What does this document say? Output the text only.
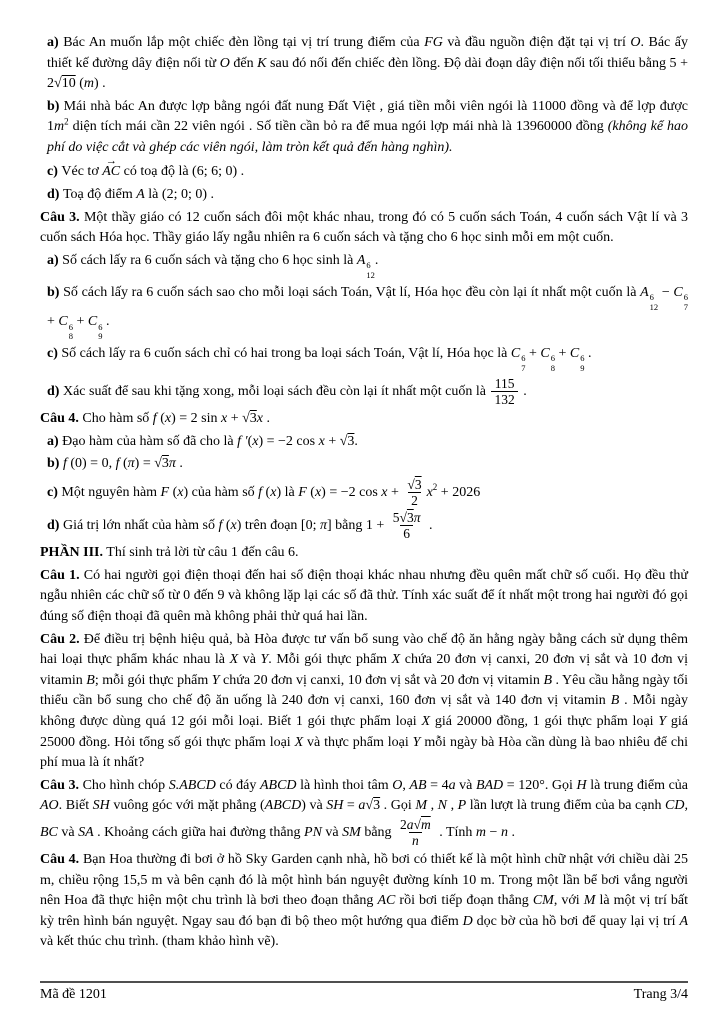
a) Bác An muốn lắp một chiếc đèn lồng tại vị trí trung điểm của FG và đầu nguồn điện đặt tại vị trí O. Bác ấy thiết kế đường dây điện nối từ O đến K sau đó nối đến chiếc đèn lồng. Độ dài đoạn dây điện nối tối thiểu bằng 5 + 2√10 (m) .

b) Mái nhà bác An được lợp bằng ngói đất nung Đất Việt , giá tiền mỗi viên ngói là 11000 đồng và để lợp được $1m^2$ diện tích mái cần 22 viên ngói . Số tiền cần bỏ ra để mua ngói lợp mái nhà là 13960000 đồng (không kể hao phí do việc cắt và ghép các viên ngói, làm tròn kết quả đến hàng nghìn).

c) Véc tơ → AC có toạ độ là (6; 6; 0) .

d) Toạ độ điểm A là (2; 0; 0) .

Câu 3. Một thầy giáo có 12 cuốn sách đôi một khác nhau, trong đó có 5 cuốn sách Toán, 4 cuốn sách Vật lí và 3 cuốn sách Hóa học. Thầy giáo lấy ngẫu nhiên ra 6 cuốn sách và tặng cho 6 học sinh mỗi em một cuốn.

a) Số cách lấy ra 6 cuốn sách và tặng cho 6 học sinh là A 6
12
.

b) Số cách lấy ra 6 cuốn sách sao cho mỗi loại sách Toán, Vật lí, Hóa học đều còn lại ít nhất một cuốn là A 6
12
− C 6
7
+ C 6
8
+ C 6
9
.

c) Số cách lấy ra 6 cuốn sách chỉ có hai trong ba loại sách Toán, Vật lí, Hóa học là C 6
7
+ C 6
8
+ C 6
9
.

d) Xác suất để sau khi tặng xong, mỗi loại sách đều còn lại ít nhất một cuốn là $\frac{115}{132}$ .

Câu 4. Cho hàm số f (x) = 2 sin x + √3x .

a) Đạo hàm của hàm số đã cho là f ′(x) = −2 cos x + √3.

b) f (0) = 0, f (π) = √3π .

c) Một nguyên hàm F (x) của hàm số f (x) là F (x) = −2 $\cos x + \frac{√3}{2} x^2 + 2026$

d) Giá trị lớn nhất của hàm số f (x) trên đoạn [0; π] bằng $1 + \frac{5√3\pi}{6}$ .

PHẦN III. Thí sinh trả lời từ câu 1 đến câu 6.

Câu 1. Có hai người gọi điện thoại đến hai số điện thoại khác nhau nhưng đều quên mất chữ số cuối. Họ đều thử ngẫu nhiên các chữ số từ 0 đến 9 và không lặp lại các số đã thử. Tính xác suất để ít nhất một trong hai người đó gọi đúng số điện thoại đã quên mà không phải thử quá hai lần.

Câu 2. Để điều trị bệnh hiệu quả, bà Hòa được tư vấn bổ sung vào chế độ ăn hằng ngày bằng cách sử dụng thêm hai loại thực phẩm khác nhau là X và Y. Mỗi gói thực phẩm X chứa 20 đơn vị canxi, 20 đơn vị sắt và 10 đơn vị vitamin B; mỗi gói thực phẩm Y chứa 20 đơn vị canxi, 10 đơn vị sắt và 20 đơn vị vitamin B . Yêu cầu hằng ngày tối thiểu cần bổ sung cho chế độ ăn uống là 240 đơn vị canxi, 160 đơn vị sắt và 140 đơn vị vitamin B . Mỗi ngày không được dùng quá 12 gói mỗi loại. Biết 1 gói thực phẩm loại X giá 20000 đồng, 1 gói thực phẩm loại Y giá 25000 đồng. Hỏi tổng số gói thực phẩm loại X và thực phẩm loại Y mỗi ngày bà Hòa cần dùng là bao nhiêu để chi phí mua là ít nhất?

Câu 3. Cho hình chóp S.ABCD có đáy ABCD là hình thoi tâm O, AB = 4a và BAD = 120°. Gọi H là trung điểm của AO. Biết SH vuông góc với mặt phẳng (ABCD) và SH = a√3 . Gọi M , N , P lần lượt là trung điểm của ba cạnh CD, BC và SA . Khoảng cách giữa hai đường thẳng PN và SM bằng $\frac{2a√m}{n}$ . Tính m − n .

Câu 4. Bạn Hoa thường đi bơi ở hồ Sky Garden cạnh nhà, hồ bơi có thiết kế là một hình chữ nhật với chiều dài 25 m, chiều rộng 15,5 m và bên cạnh đó là một hình bán nguyệt đường kính 10 m. Trong một lần bể bơi vắng người nên Hoa đã thực hiện một chu trình là bơi theo đoạn thẳng AC rồi bơi tiếp đoạn thẳng CM, với M là một vị trí bất kỳ trên hình bán nguyệt. Ngay sau đó bạn đi bộ theo một hướng qua điểm D dọc bờ của hồ bơi để quay lại vị trí A và kết thúc chu trình. (tham khảo hình vẽ).

Mã đề 1201	Trang 3/4
